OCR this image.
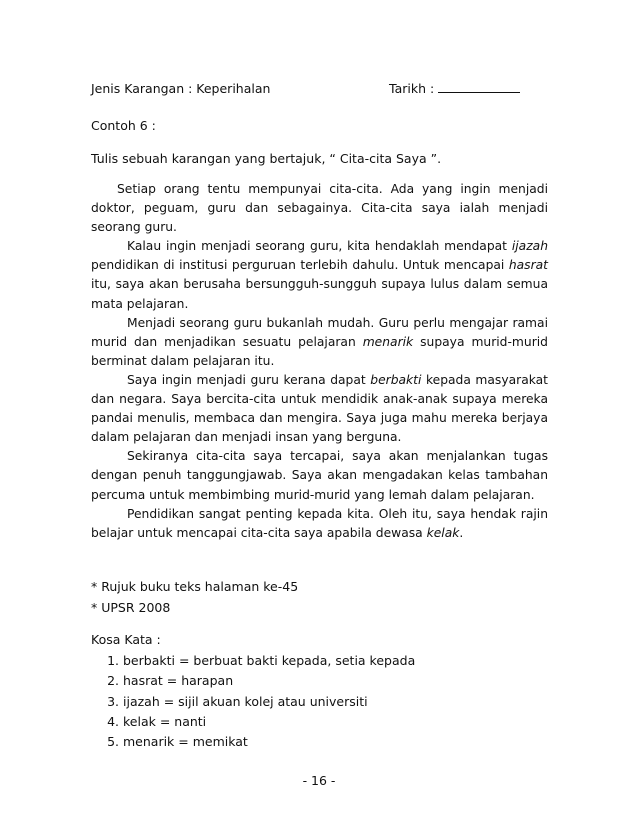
Jenis Karangan : Keperihalan	Tarikh :
Contoh 6 :
Tulis sebuah karangan yang bertajuk, “ Cita-cita Saya ”.

Setiap orang tentu mempunyai cita-cita. Ada yang ingin menjadi doktor, peguam, guru dan sebagainya. Cita-cita saya ialah menjadi seorang guru.

Kalau ingin menjadi seorang guru, kita hendaklah mendapat ijazah pendidikan di institusi perguruan terlebih dahulu. Untuk mencapai hasrat itu, saya akan berusaha bersungguh-sungguh supaya lulus dalam semua mata pelajaran.

Menjadi seorang guru bukanlah mudah. Guru perlu mengajar ramai murid dan menjadikan sesuatu pelajaran menarik supaya murid-murid berminat dalam pelajaran itu.

Saya ingin menjadi guru kerana dapat berbakti kepada masyarakat dan negara. Saya bercita-cita untuk mendidik anak-anak supaya mereka pandai menulis, membaca dan mengira. Saya juga mahu mereka berjaya dalam pelajaran dan menjadi insan yang berguna.

Sekiranya cita-cita saya tercapai, saya akan menjalankan tugas dengan penuh tanggungjawab. Saya akan mengadakan kelas tambahan percuma untuk membimbing murid-murid yang lemah dalam pelajaran.

Pendidikan sangat penting kepada kita. Oleh itu, saya hendak rajin belajar untuk mencapai cita-cita saya apabila dewasa kelak.

* Rujuk buku teks halaman ke-45
* UPSR 2008
Kosa Kata :
1. berbakti = berbuat bakti kepada, setia kepada
2. hasrat = harapan
3. ijazah = sijil akuan kolej atau universiti
4. kelak = nanti
5. menarik = memikat
- 16 -
